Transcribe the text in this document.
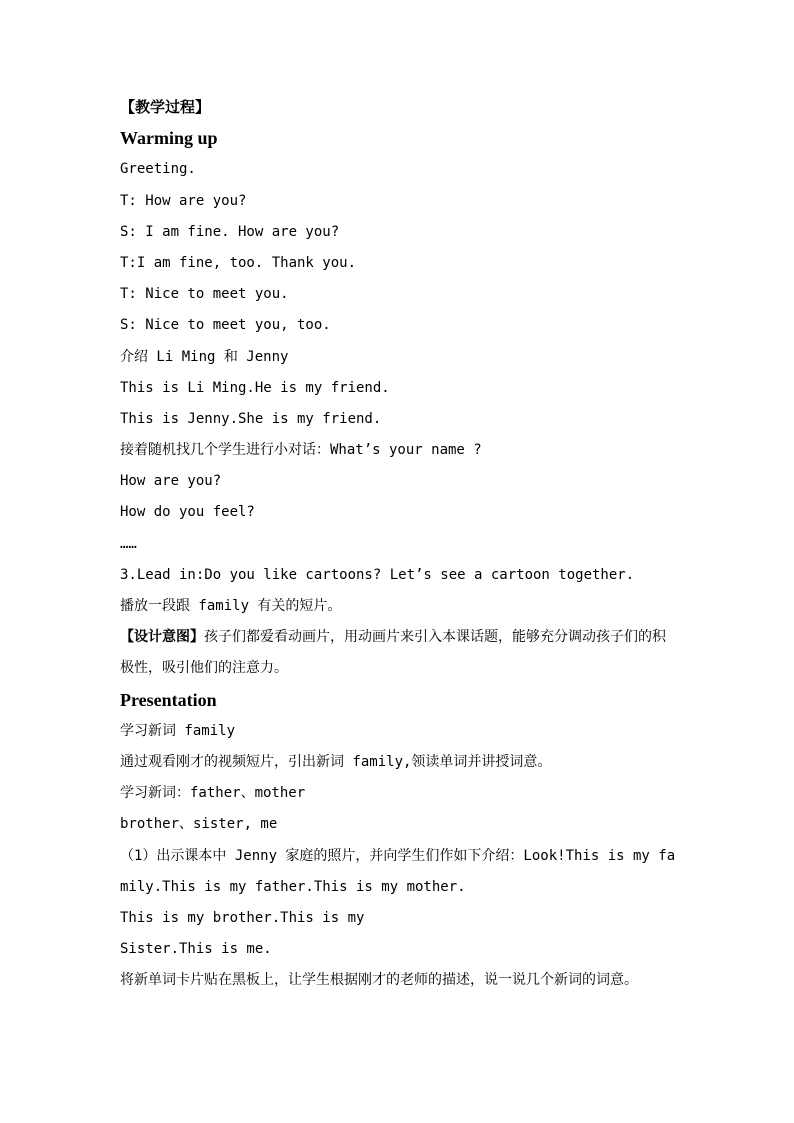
【教学过程】

Warming up

Greeting.

T: How are you?

S: I am fine. How are you?

T:I am fine, too. Thank you.

T: Nice to meet you.

S: Nice to meet you, too.

介绍 Li Ming 和 Jenny

This is Li Ming.He is my friend.

This is Jenny.She is my friend.

接着随机找几个学生进行小对话：What’s your name ?

How are you?

How do you feel?

……

3.Lead in:Do you like cartoons? Let’s see a cartoon together.

播放一段跟 family 有关的短片。

【设计意图】孩子们都爱看动画片，用动画片来引入本课话题，能够充分调动孩子们的积极性，吸引他们的注意力。

Presentation

学习新词 family

通过观看刚才的视频短片，引出新词 family,领读单词并讲授词意。

学习新词：father、mother

brother、sister, me

（1）出示课本中 Jenny 家庭的照片，并向学生们作如下介绍：Look!This is my family.This is my father.This is my mother.

This is my brother.This is my

Sister.This is me.

将新单词卡片贴在黑板上，让学生根据刚才的老师的描述，说一说几个新词的词意。
